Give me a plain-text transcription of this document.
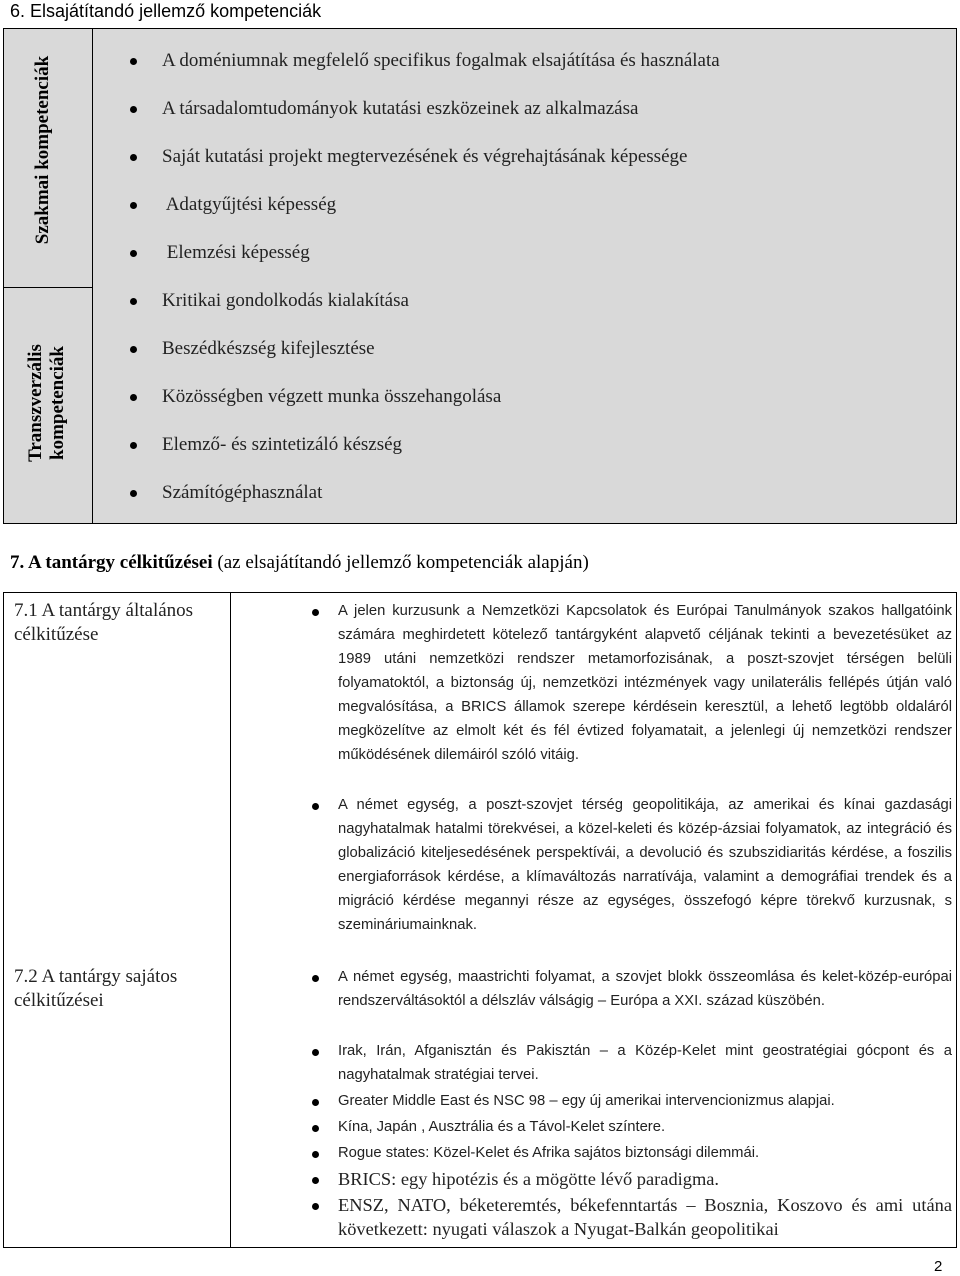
6. Elsajátítandó jellemző kompetenciák
Szakmai kompetenciák
Transzverzális kompetenciák
A doméniumnak megfelelő specifikus fogalmak elsajátítása és használata
A társadalomtudományok kutatási eszközeinek az alkalmazása
Saját kutatási projekt megtervezésének és végrehajtásának képessége
Adatgyűjtési képesség
Elemzési képesség
Kritikai gondolkodás kialakítása
Beszédkészség kifejlesztése
Közösségben végzett munka összehangolása
Elemző- és szintetizáló készség
Számítógéphasználat
7. A tantárgy célkitűzései (az elsajátítandó jellemző kompetenciák alapján)
7.1 A tantárgy általános
célkitűzése
7.2 A tantárgy sajátos
célkitűzései
A jelen kurzusunk a Nemzetközi Kapcsolatok és Európai Tanulmányok szakos hallgatóink számára meghirdetett kötelező tantárgyként alapvető céljának tekinti a bevezetésüket az 1989 utáni nemzetközi rendszer metamorfozisának, a poszt-szovjet térségen belüli folyamatoktól, a biztonság új, nemzetközi intézmények vagy unilaterális fellépés útján való megvalósítása, a BRICS államok szerepe kérdésein keresztül, a lehető legtöbb oldaláról megközelítve az elmolt két és fél évtized folyamatait, a jelenlegi új nemzetközi rendszer működésének dilemáiról szóló vitáig.
A német egység, a poszt-szovjet térség geopolitikája, az amerikai és kínai gazdasági nagyhatalmak hatalmi törekvései, a közel-keleti és közép-ázsiai folyamatok, az integráció és globalizáció kiteljesedésének perspektívái, a devolució és szubszidiaritás kérdése, a foszilis energiaforrások kérdése, a klímaváltozás narratívája, valamint a demográfiai trendek és a migráció kérdése megannyi része az egységes, összefogó képre törekvő kurzusnak, s szemináriumainknak.
A német egység, maastrichti folyamat, a szovjet blokk összeomlása és kelet-közép-európai rendszerváltásoktól a délszláv válságig – Európa a XXI. század küszöbén.
Irak, Irán, Afganisztán és Pakisztán – a Közép-Kelet mint geostratégiai gócpont és a nagyhatalmak stratégiai tervei.
Greater Middle East és NSC 98 – egy új amerikai intervencionizmus alapjai.
Kína, Japán , Ausztrália és a Távol-Kelet színtere.
Rogue states: Közel-Kelet és Afrika sajátos biztonsági dilemmái.
BRICS: egy hipotézis és a mögötte lévő paradigma.
ENSZ, NATO, béketeremtés, békefenntartás – Bosznia, Koszovo és ami utána következett: nyugati válaszok a Nyugat-Balkán geopolitikai
2
